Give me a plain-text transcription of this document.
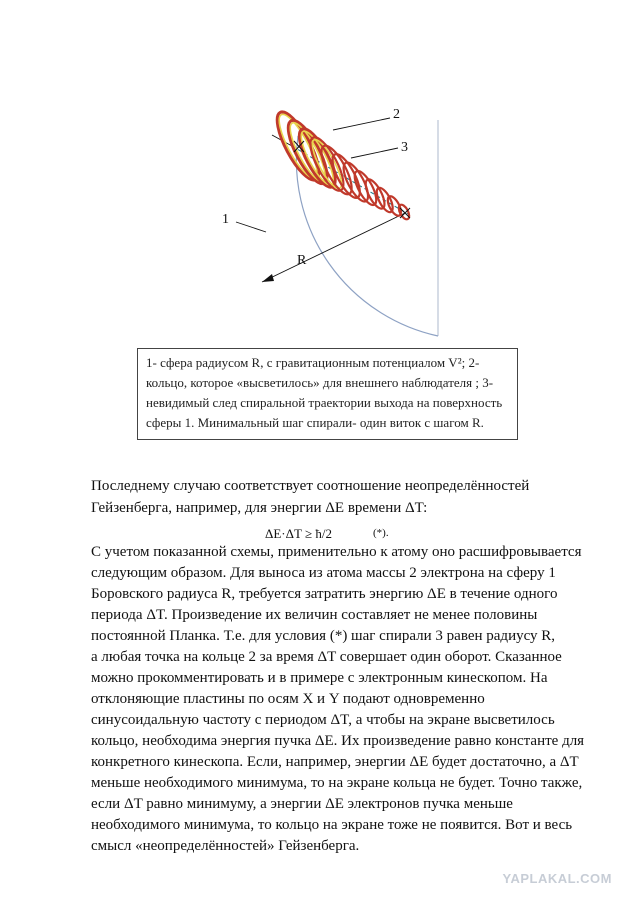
1
2
3
R
1- сфера радиусом R, с гравитационным потенциалом V²; 2-
кольцо, которое «высветилось» для внешнего наблюдателя ; 3-
невидимый след спиральной траектории выхода на поверхность
сферы 1. Минимальный шаг спирали- один виток с шагом R.
Последнему случаю соответствует соотношение неопределённостей
Гейзенберга, например, для энергии ΔE времени ΔT:
С учетом показанной схемы, применительно к атому оно расшифровывается
следующим образом. Для выноса из атома массы 2 электрона на сферу 1
Боровского радиуса R, требуется затратить энергию ΔE в течение одного
периода ΔT. Произведение их величин составляет не менее половины
постоянной Планка. Т.е. для условия (*) шаг спирали 3 равен радиусу R,
а любая точка на кольце 2 за время ΔT совершает один оборот. Сказанное
можно прокомментировать и в примере с электронным кинескопом. На
отклоняющие пластины по осям X и Y подают одновременно
синусоидальную частоту с периодом ΔT, а чтобы на экране высветилось
кольцо, необходима энергия пучка ΔE. Их произведение равно константе для
конкретного кинескопа. Если, например, энергии ΔE будет достаточно, а ΔT
меньше необходимого минимума, то на экране кольца не будет. Точно также,
если ΔT равно минимуму, а энергии ΔE электронов пучка меньше
необходимого минимума, то кольцо на экране тоже не появится. Вот и весь
смысл «неопределённостей» Гейзенберга.
ΔE·ΔT ≥ ħ/2	(*).
YAPLAKAL.COM
